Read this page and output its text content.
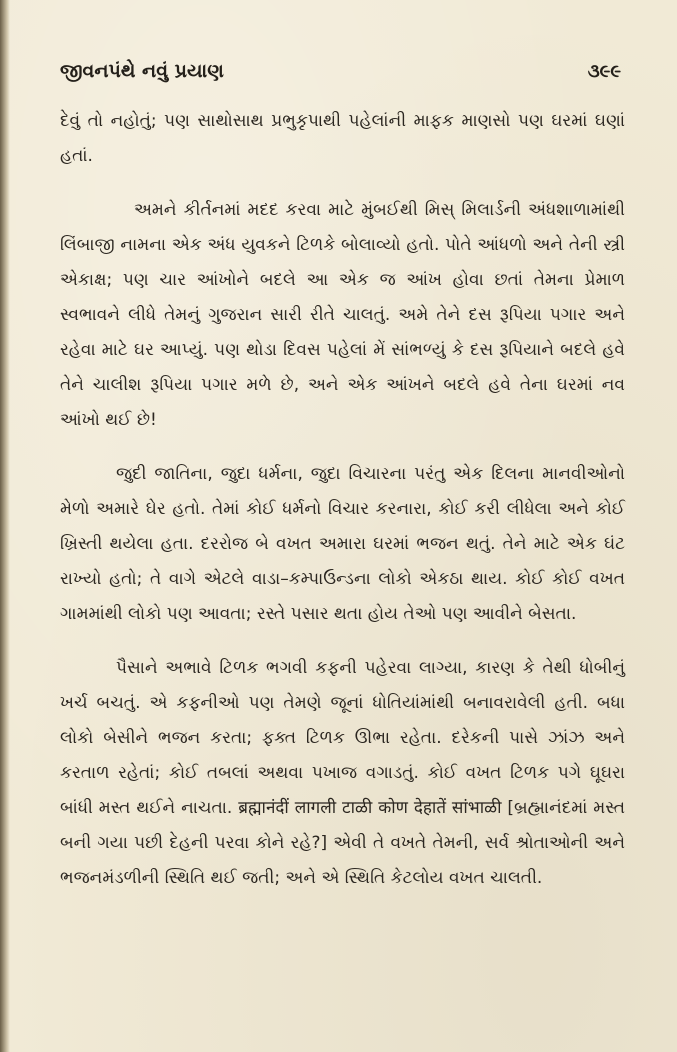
જીવનપંથે નવું પ્રયાણ	૩૯૯

દેવું તો નહોતું; પણ સાથોસાથ પ્રભુકૃપાથી પહેલાંની માફક માણસો પણ ઘરમાં ઘણાં હતાં.

અમને કીર્તનમાં મદદ કરવા માટે મુંબઈથી મિસ્ મિલાર્ડની અંધશાળામાંથી લિંબાજી નામના એક અંધ યુવકને ટિળકે બોલાવ્યો હતો. પોતે આંધળો અને તેની સ્ત્રી એકાક્ષ; પણ ચાર આંખોને બદલે આ એક જ આંખ હોવા છતાં તેમના પ્રેમાળ સ્વભાવને લીધે તેમનું ગુજરાન સારી રીતે ચાલતું. અમે તેને દસ રૂપિયા પગાર અને રહેવા માટે ઘર આપ્યું. પણ થોડા દિવસ પહેલાં મેં સાંભળ્યું કે દસ રૂપિયાને બદલે હવે તેને ચાલીશ રૂપિયા પગાર મળે છે, અને એક આંખને બદલે હવે તેના ઘરમાં નવ આંખો થઈ છે!

જુદી જાતિના, જુદા ધર્મના, જુદા વિચારના પરંતુ એક દિલના માનવીઓનો મેળો અમારે ઘેર હતો. તેમાં કોઈ ધર્મનો વિચાર કરનારા, કોઈ કરી લીધેલા અને કોઈ ખ્રિસ્તી થયેલા હતા. દરરોજ બે વખત અમારા ઘરમાં ભજન થતું. તેને માટે એક ઘંટ રાખ્યો હતો; તે વાગે એટલે વાડા–કમ્પાઉન્ડના લોકો એકઠા થાય. કોઈ કોઈ વખત ગામમાંથી લોકો પણ આવતા; રસ્તે પસાર થતા હોય તેઓ પણ આવીને બેસતા.

પૈસાને અભાવે ટિળક ભગવી કફની પહેરવા લાગ્યા, કારણ કે તેથી ધોબીનું ખર્ચ બચતું. એ કફનીઓ પણ તેમણે જૂનાં ધોતિયાંમાંથી બનાવરાવેલી હતી. બધા લોકો બેસીને ભજન કરતા; ફક્ત ટિળક ઊભા રહેતા. દરેકની પાસે ઝાંઝ અને કરતાળ રહેતાં; કોઈ તબલાં અથવા પખાજ વગાડતું. કોઈ વખત ટિળક પગે ઘૂઘરા બાંધી મસ્ત થઈને નાચતા. ब्रह्मानंदीं लागली टाळी कोण देहातें सांभाळी [બ્રહ્માનંદમાં મસ્ત બની ગયા પછી દેહની પરવા કોને રહે?] એવી તે વખતે તેમની, સર્વ શ્રોતાઓની અને ભજનમંડળીની સ્થિતિ થઈ જતી; અને એ સ્થિતિ કેટલોય વખત ચાલતી.
